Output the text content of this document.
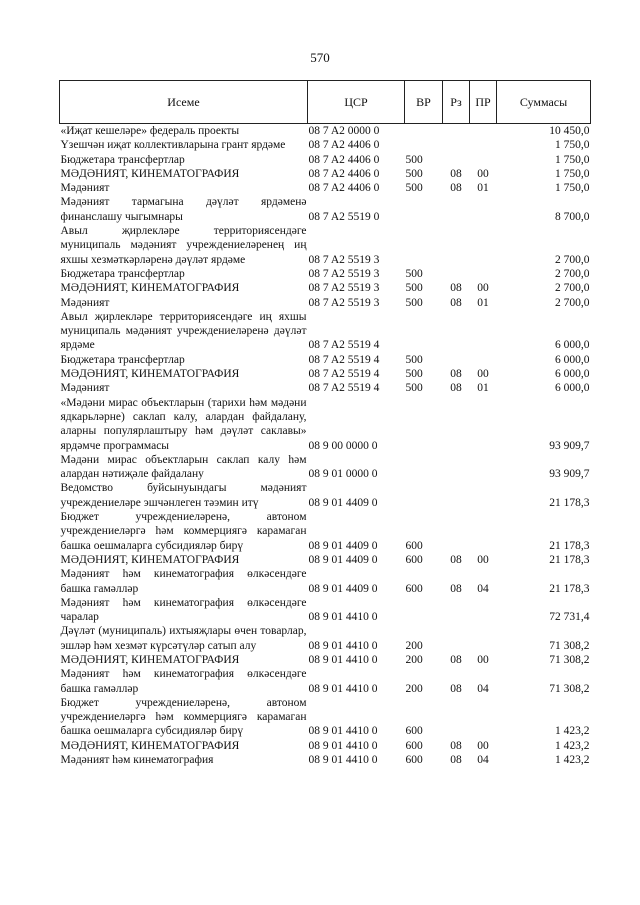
570
Исеме	ЦСР	ВР	Рз	ПР	Суммасы
«Иҗат кешеләре» федераль проекты	08 7 A2 0000 0				10 450,0
Үзешчән иҗат коллективларына грант ярдәме	08 7 A2 4406 0				1 750,0
Бюджетара трансфертлар	08 7 A2 4406 0	500			1 750,0
МӘДӘНИЯТ, КИНЕМАТОГРАФИЯ	08 7 A2 4406 0	500	08	00	1 750,0
Мәдәният	08 7 A2 4406 0	500	08	01	1 750,0
Мәдәният тармагына дәүләт ярдәменә финанслашу чыгымнары	08 7 A2 5519 0				8 700,0
Авыл җирлекләре территориясендәге муниципаль мәдәният учреждениеләренең иң яхшы хезмәткәрләренә дәүләт ярдәме	08 7 A2 5519 3				2 700,0
Бюджетара трансфертлар	08 7 A2 5519 3	500			2 700,0
МӘДӘНИЯТ, КИНЕМАТОГРАФИЯ	08 7 A2 5519 3	500	08	00	2 700,0
Мәдәният	08 7 A2 5519 3	500	08	01	2 700,0
Авыл җирлекләре территориясендәге иң яхшы муниципаль мәдәният учреждениеләренә дәүләт ярдәме	08 7 A2 5519 4				6 000,0
Бюджетара трансфертлар	08 7 A2 5519 4	500			6 000,0
МӘДӘНИЯТ, КИНЕМАТОГРАФИЯ	08 7 A2 5519 4	500	08	00	6 000,0
Мәдәният	08 7 A2 5519 4	500	08	01	6 000,0
«Мәдәни мирас объектларын (тарихи һәм мәдәни ядкарьләрне) саклап калу, алардан файдалану, аларны популярлаштыру һәм дәүләт саклавы» ярдәмче программасы	08 9 00 0000 0				93 909,7
Мәдәни мирас объектларын саклап калу һәм алардан нәтиҗәле файдалану	08 9 01 0000 0				93 909,7
Ведомство буйсынуындагы мәдәният учреждениеләре эшчәнлеген тәэмин итү	08 9 01 4409 0				21 178,3
Бюджет учреждениеләренә, автоном учреждениеләргә һәм коммерциягә карамаган башка оешмаларга субсидияләр бирү	08 9 01 4409 0	600			21 178,3
МӘДӘНИЯТ, КИНЕМАТОГРАФИЯ	08 9 01 4409 0	600	08	00	21 178,3
Мәдәният һәм кинематография өлкәсендәге башка гамәлләр	08 9 01 4409 0	600	08	04	21 178,3
Мәдәният һәм кинематография өлкәсендәге чаралар	08 9 01 4410 0				72 731,4
Дәүләт (муниципаль) ихтыяҗлары өчен товарлар, эшләр һәм хезмәт күрсәтүләр сатып алу	08 9 01 4410 0	200			71 308,2
МӘДӘНИЯТ, КИНЕМАТОГРАФИЯ	08 9 01 4410 0	200	08	00	71 308,2
Мәдәният һәм кинематография өлкәсендәге башка гамәлләр	08 9 01 4410 0	200	08	04	71 308,2
Бюджет учреждениеләренә, автоном учреждениеләргә һәм коммерциягә карамаган башка оешмаларга субсидияләр бирү	08 9 01 4410 0	600			1 423,2
МӘДӘНИЯТ, КИНЕМАТОГРАФИЯ	08 9 01 4410 0	600	08	00	1 423,2
Мәдәният һәм кинематография	08 9 01 4410 0	600	08	04	1 423,2
